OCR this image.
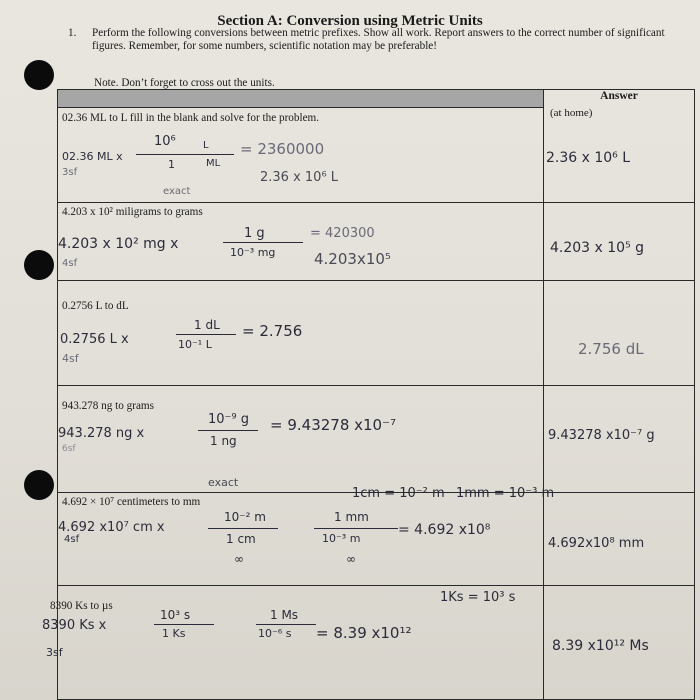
Section A: Conversion using Metric Units
1.	Perform the following conversions between metric prefixes. Show all work. Report answers to the correct number of significant figures. Remember, for some numbers, scientific notation may be preferable!
Note. Don’t forget to cross out the units.
Answer
(at home)
02.36 ML to L fill in the blank and solve for the problem.
02.36 ML x
10⁶	L
1	ML
= 2360000
2.36 x 10⁶ L
3sf
exact
2.36 x 10⁶ L
4.203 x 10² miligrams to grams
4.203 x 10² mg x
1 g
10⁻³ mg
= 420300
4.203x10⁵
4sf
4.203 x 10⁵ g
0.2756 L to dL
0.2756 L x
1 dL
10⁻¹ L
= 2.756
4sf
2.756 dL
943.278 ng to grams
943.278 ng x
10⁻⁹ g
1 ng
= 9.43278 x10⁻⁷
6sf
exact
9.43278 x10⁻⁷ g
4.692 × 10⁷ centimeters to mm
1cm = 10⁻² m 1mm = 10⁻³ m
4.692 x10⁷ cm x
10⁻² m
1 cm
1 mm
10⁻³ m
= 4.692 x10⁸
4sf
∞	∞
4.692x10⁸ mm
8390 Ks to µs
1Ks = 10³ s
8390 Ks x
10³ s
1 Ks
1 Ms
10⁻⁶ s = 8.39 x10¹²
3sf	8.39 x10¹² Ms
